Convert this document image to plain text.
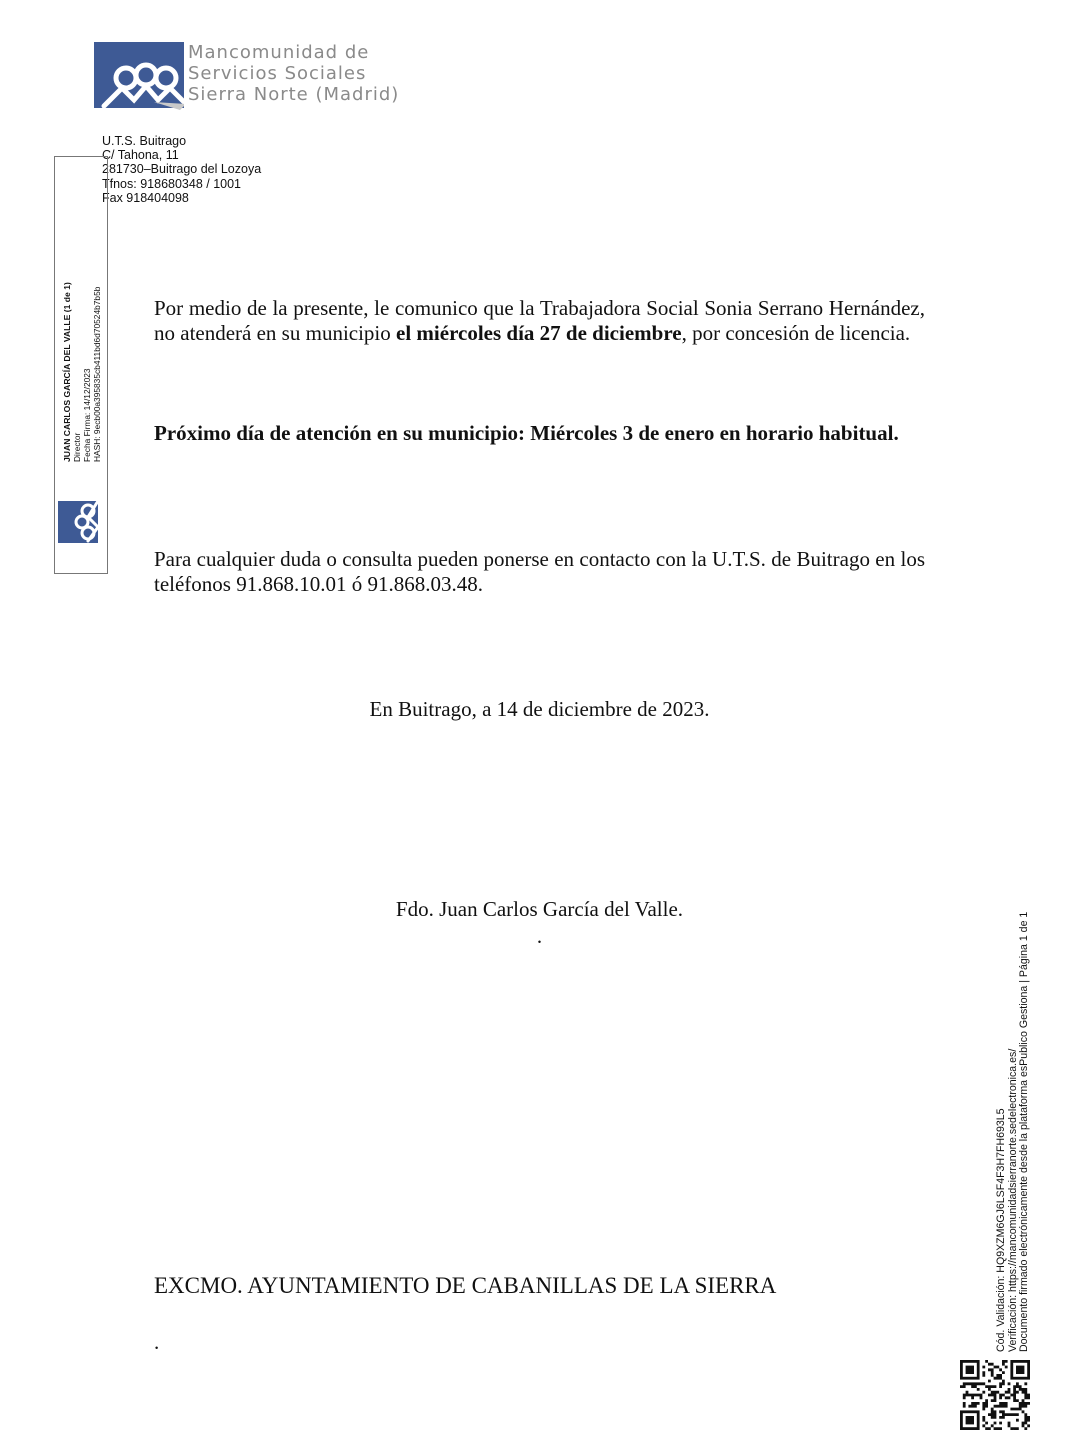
Mancomunidad de
Servicios Sociales
Sierra Norte (Madrid)
U.T.S. Buitrago
C/ Tahona, 11
281730–Buitrago del Lozoya
Tfnos: 918680348 / 1001
Fax 918404098
JUAN CARLOS GARCÍA DEL VALLE (1 de 1) Director Fecha Firma: 14/12/2023 HASH: 9ecb00a395835cb411bd6d70524b7b5b Por medio de la presente, le comunico que la Trabajadora Social Sonia Serrano Hernández, no atenderá en su municipio el miércoles día 27 de diciembre, por concesión de licencia.
Próximo día de atención en su municipio: Miércoles 3 de enero en horario habitual.
Para cualquier duda o consulta pueden ponerse en contacto con la U.T.S. de Buitrago en los teléfonos 91.868.10.01 ó 91.868.03.48.
En Buitrago, a 14 de diciembre de 2023.
Fdo. Juan Carlos García del Valle.
.
EXCMO. AYUNTAMIENTO DE CABANILLAS DE LA SIERRA
.	Cód. Validación: HQ9XZM6GJ6LSF4F3H7FH693L5 Verificación: https://mancomunidadsierranorte.sedelectronica.es/ Documento firmado electrónicamente desde la plataforma esPublico Gestiona | Página 1 de 1
